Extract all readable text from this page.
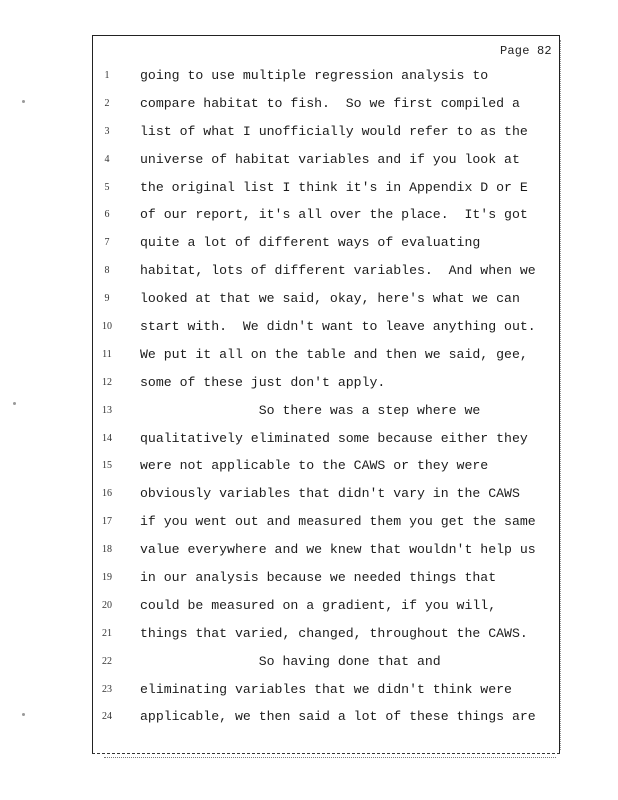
Page 82
1	going to use multiple regression analysis to
2	compare habitat to fish.  So we first compiled a
3	list of what I unofficially would refer to as the
4	universe of habitat variables and if you look at
5	the original list I think it's in Appendix D or E
6	of our report, it's all over the place.  It's got
7	quite a lot of different ways of evaluating
8	habitat, lots of different variables.  And when we
9	looked at that we said, okay, here's what we can
10	start with.  We didn't want to leave anything out.
11	We put it all on the table and then we said, gee,
12	some of these just don't apply.
13	So there was a step where we
14	qualitatively eliminated some because either they
15	were not applicable to the CAWS or they were
16	obviously variables that didn't vary in the CAWS
17	if you went out and measured them you get the same
18	value everywhere and we knew that wouldn't help us
19	in our analysis because we needed things that
20	could be measured on a gradient, if you will,
21	things that varied, changed, throughout the CAWS.
22	So having done that and
23	eliminating variables that we didn't think were
24	applicable, we then said a lot of these things are
